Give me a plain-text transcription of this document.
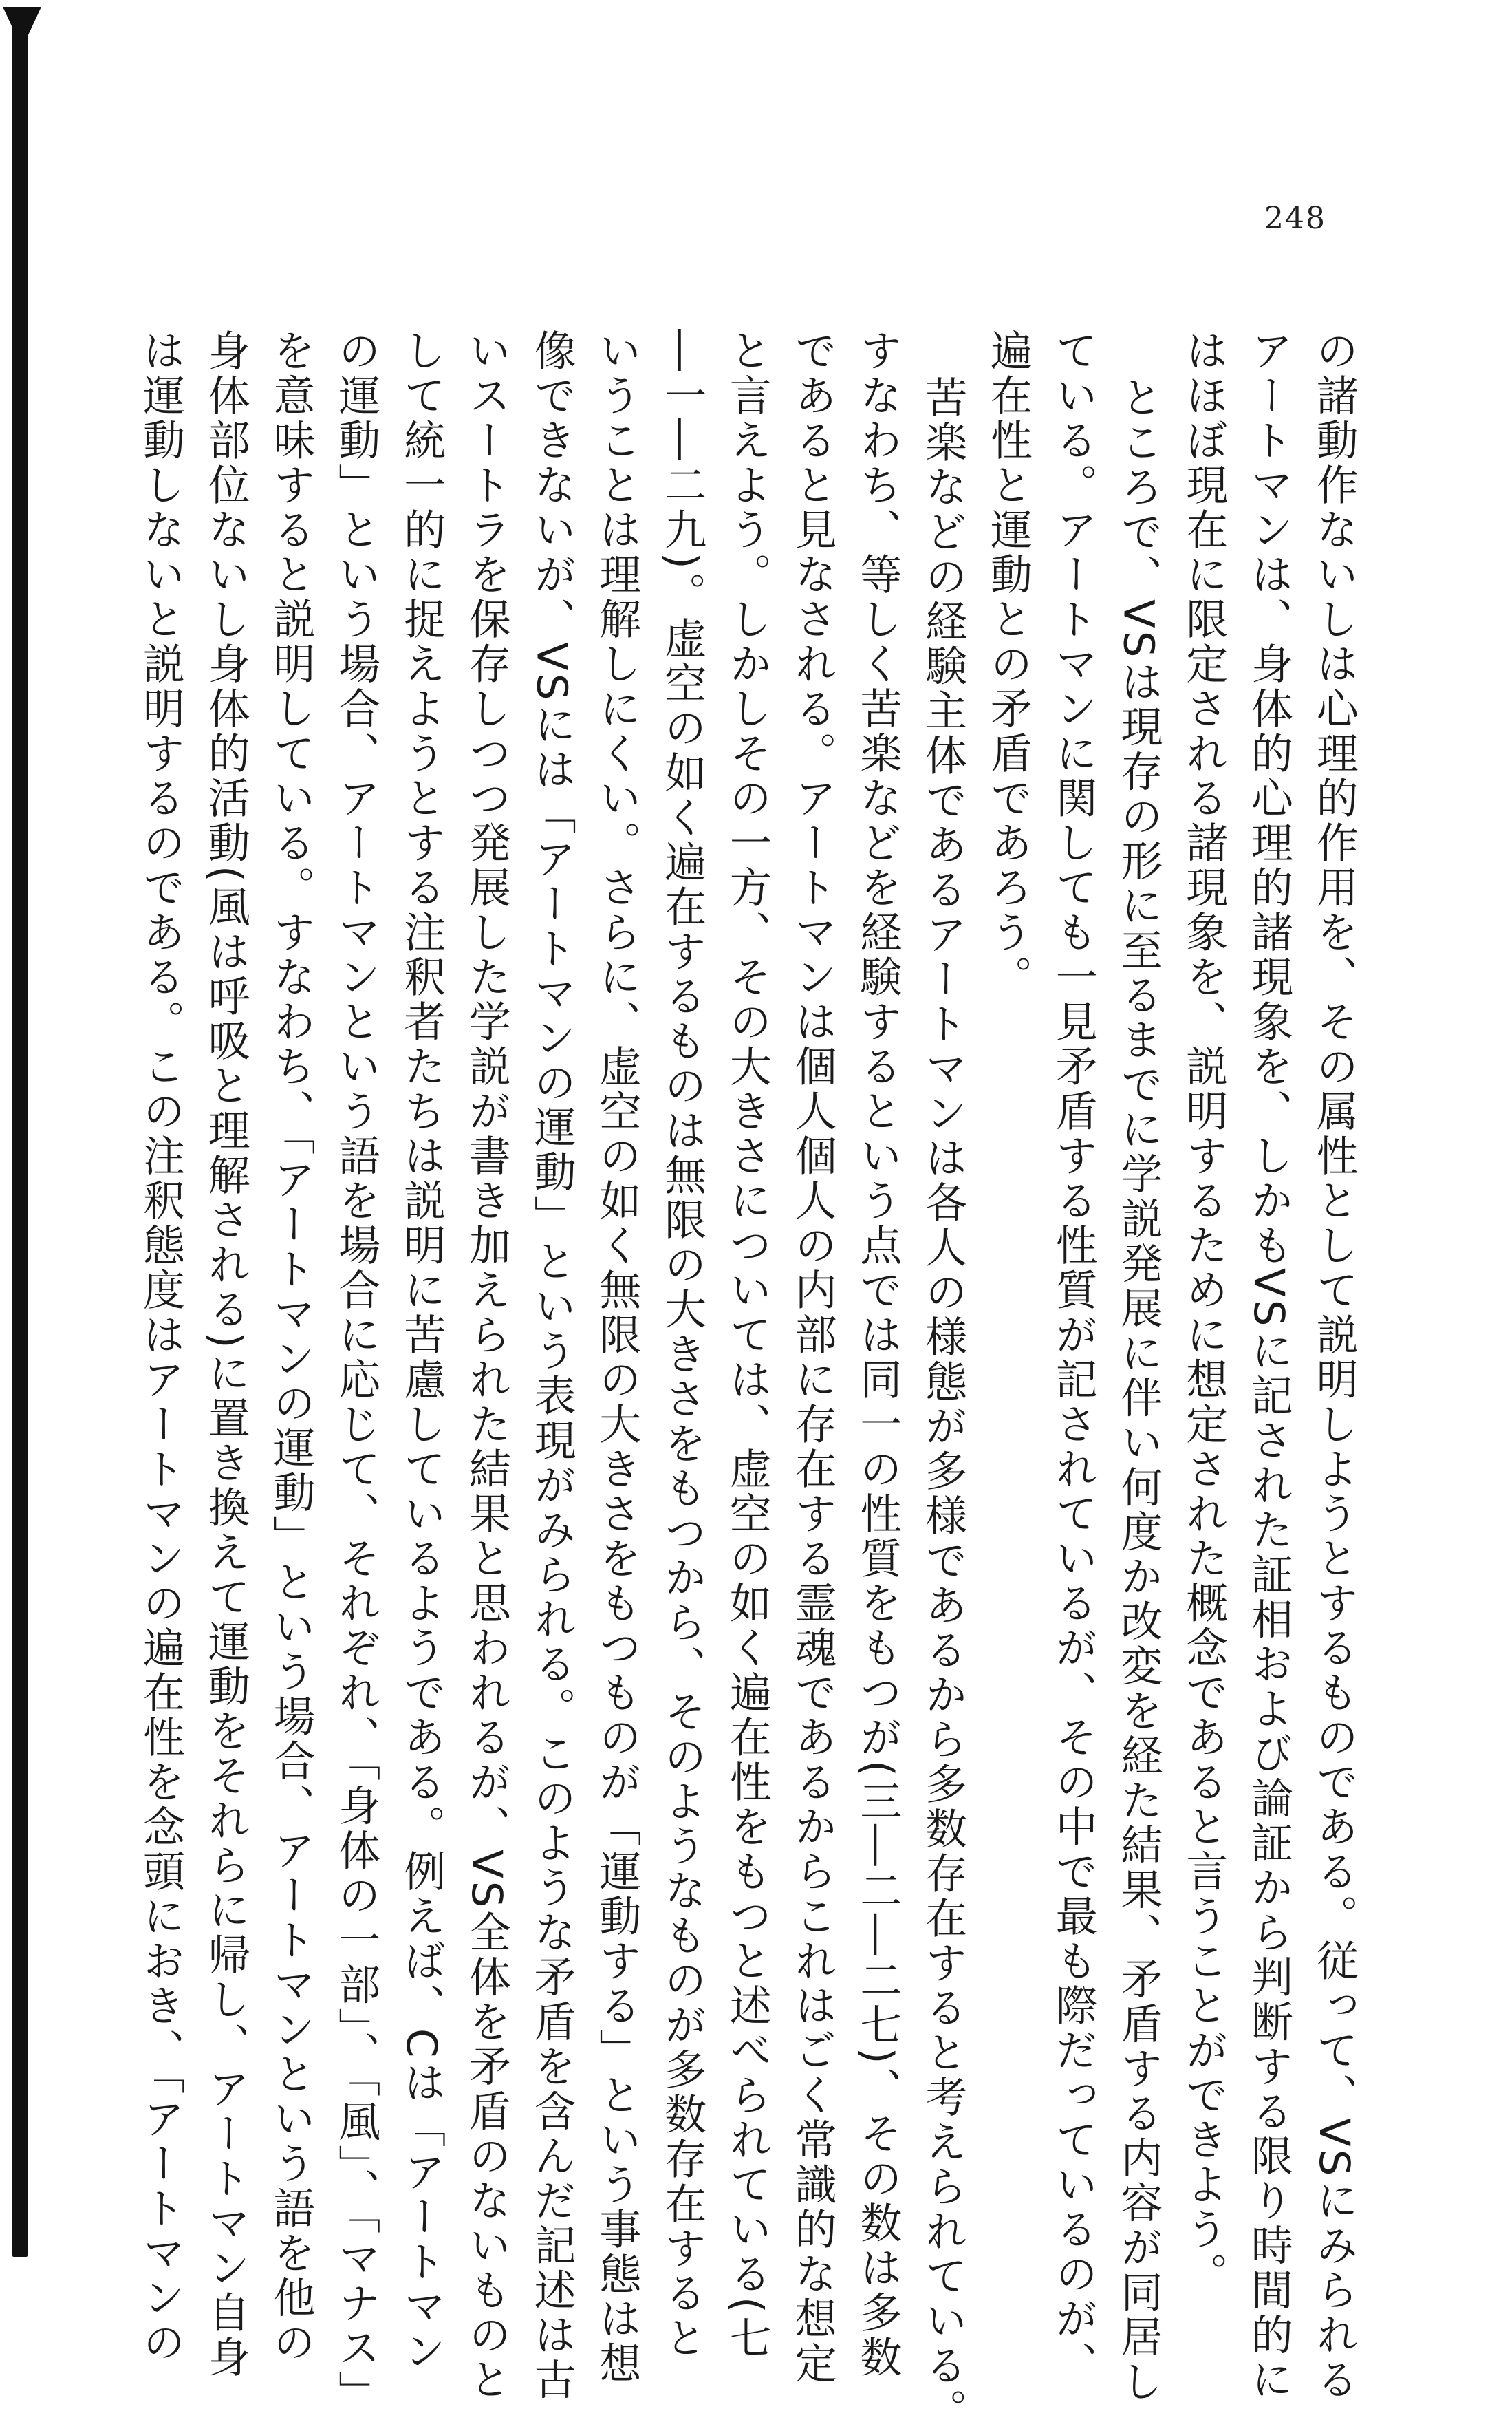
248
の諸動作ないしは心理的作用を、その属性として説明しようとするものである。従って、VSにみられる
アートマンは、身体的心理的諸現象を、しかもVSに記された証相および論証から判断する限り時間的に
はほぼ現在に限定される諸現象を、説明するために想定された概念であると言うことができよう。
ところで、VSは現存の形に至るまでに学説発展に伴い何度か改変を経た結果、矛盾する内容が同居し
ている。アートマンに関しても一見矛盾する性質が記されているが、その中で最も際だっているのが、
遍在性と運動との矛盾であろう。
苦楽などの経験主体であるアートマンは各人の様態が多様であるから多数存在すると考えられている。
すなわち、等しく苦楽などを経験するという点では同一の性質をもつが(三―二―二七)、その数は多数
であると見なされる。アートマンは個人個人の内部に存在する霊魂であるからこれはごく常識的な想定
と言えよう。しかしその一方、その大きさについては、虚空の如く遍在性をもつと述べられている(七
―一―二九)。虚空の如く遍在するものは無限の大きさをもつから、そのようなものが多数存在すると
いうことは理解しにくい。さらに、虚空の如く無限の大きさをもつものが「運動する」という事態は想
像できないが、VSには「アートマンの運動」という表現がみられる。このような矛盾を含んだ記述は古
いスートラを保存しつつ発展した学説が書き加えられた結果と思われるが、VS全体を矛盾のないものと
して統一的に捉えようとする注釈者たちは説明に苦慮しているようである。例えば、Cは「アートマン
の運動」という場合、アートマンという語を場合に応じて、それぞれ、「身体の一部」、「風」、「マナス」
を意味すると説明している。すなわち、「アートマンの運動」という場合、アートマンという語を他の
身体部位ないし身体的活動(風は呼吸と理解される)に置き換えて運動をそれらに帰し、アートマン自身
は運動しないと説明するのである。この注釈態度はアートマンの遍在性を念頭におき、「アートマンの
